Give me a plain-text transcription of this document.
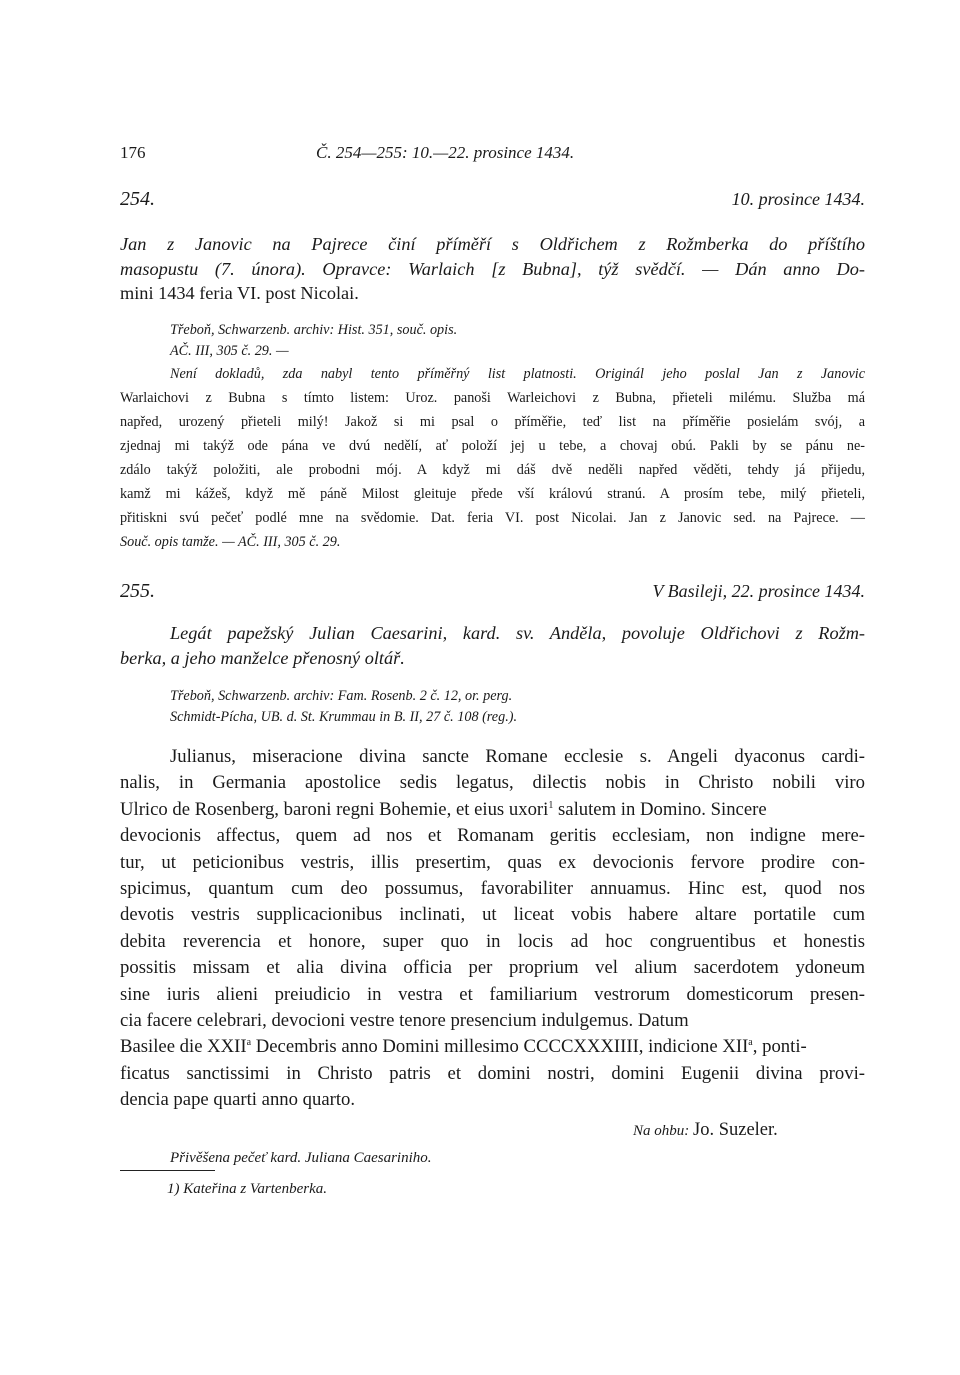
176	Č. 254—255: 10.—22. prosince 1434.
254.	10. prosince 1434.
Jan z Janovic na Pajrece činí příměří s Oldřichem z Rožmberka do příštího
masopustu (7. února). Opravce: Warlaich [z Bubna], týž svědčí. — Dán anno Do-
mini 1434 feria VI. post Nicolai.
Třeboň, Schwarzenb. archiv: Hist. 351, souč. opis.
AČ. III, 305 č. 29. —
Není dokladů, zda nabyl tento příměřný list platnosti. Originál jeho poslal Jan z Janovic
Warlaichovi z Bubna s tímto listem: Uroz. panoši Warleichovi z Bubna, přieteli milému. Služba má
napřed, urozený přieteli milý! Jakož si mi psal o příměřie, teď list na příměřie posielám svój, a
zjednaj mi takýž ode pána ve dvú nedělí, ať položí jej u tebe, a chovaj obú. Pakli by se pánu ne-
zdálo takýž položiti, ale probodni mój. A když mi dáš dvě neděli napřed věděti, tehdy já přijedu,
kamž mi kážeš, když mě páně Milost gleituje přede vší královú stranú. A prosím tebe, milý přieteli,
přitiskni svú pečeť podlé mne na svědomie. Dat. feria VI. post Nicolai. Jan z Janovic sed. na Pajrece. —
Souč. opis tamže. — AČ. III, 305 č. 29.
255.	V Basileji, 22. prosince 1434.
Legát papežský Julian Caesarini, kard. sv. Anděla, povoluje Oldřichovi z Rožm-
berka, a jeho manželce přenosný oltář.
Třeboň, Schwarzenb. archiv: Fam. Rosenb. 2 č. 12, or. perg.
Schmidt-Pícha, UB. d. St. Krummau in B. II, 27 č. 108 (reg.).
Julianus, miseracione divina sancte Romane ecclesie s. Angeli dyaconus cardi-
nalis, in Germania apostolice sedis legatus, dilectis nobis in Christo nobili viro
Ulrico de Rosenberg, baroni regni Bohemie, et eius uxori$^1$ salutem in Domino. Sincere
devocionis affectus, quem ad nos et Romanam geritis ecclesiam, non indigne mere-
tur, ut peticionibus vestris, illis presertim, quas ex devocionis fervore prodire con-
spicimus, quantum cum deo possumus, favorabiliter annuamus. Hinc est, quod nos
devotis vestris supplicacionibus inclinati, ut liceat vobis habere altare portatile cum
debita reverencia et honore, super quo in locis ad hoc congruentibus et honestis
possitis missam et alia divina officia per proprium vel alium sacerdotem ydoneum
sine iuris alieni preiudicio in vestra et familiarium vestrorum domesticorum presen-
cia facere celebrari, devocioni vestre tenore presencium indulgemus. Datum
Basilee die XXII$^a$ Decembris anno Domini millesimo CCCCXXXIIII, indicione XII$^a$, ponti-
ficatus sanctissimi in Christo patris et domini nostri, domini Eugenii divina provi-
dencia pape quarti anno quarto.
Na ohbu: Jo. Suzeler.
Přivěšena pečeť kard. Juliana Caesariniho.
1) Kateřina z Vartenberka.
